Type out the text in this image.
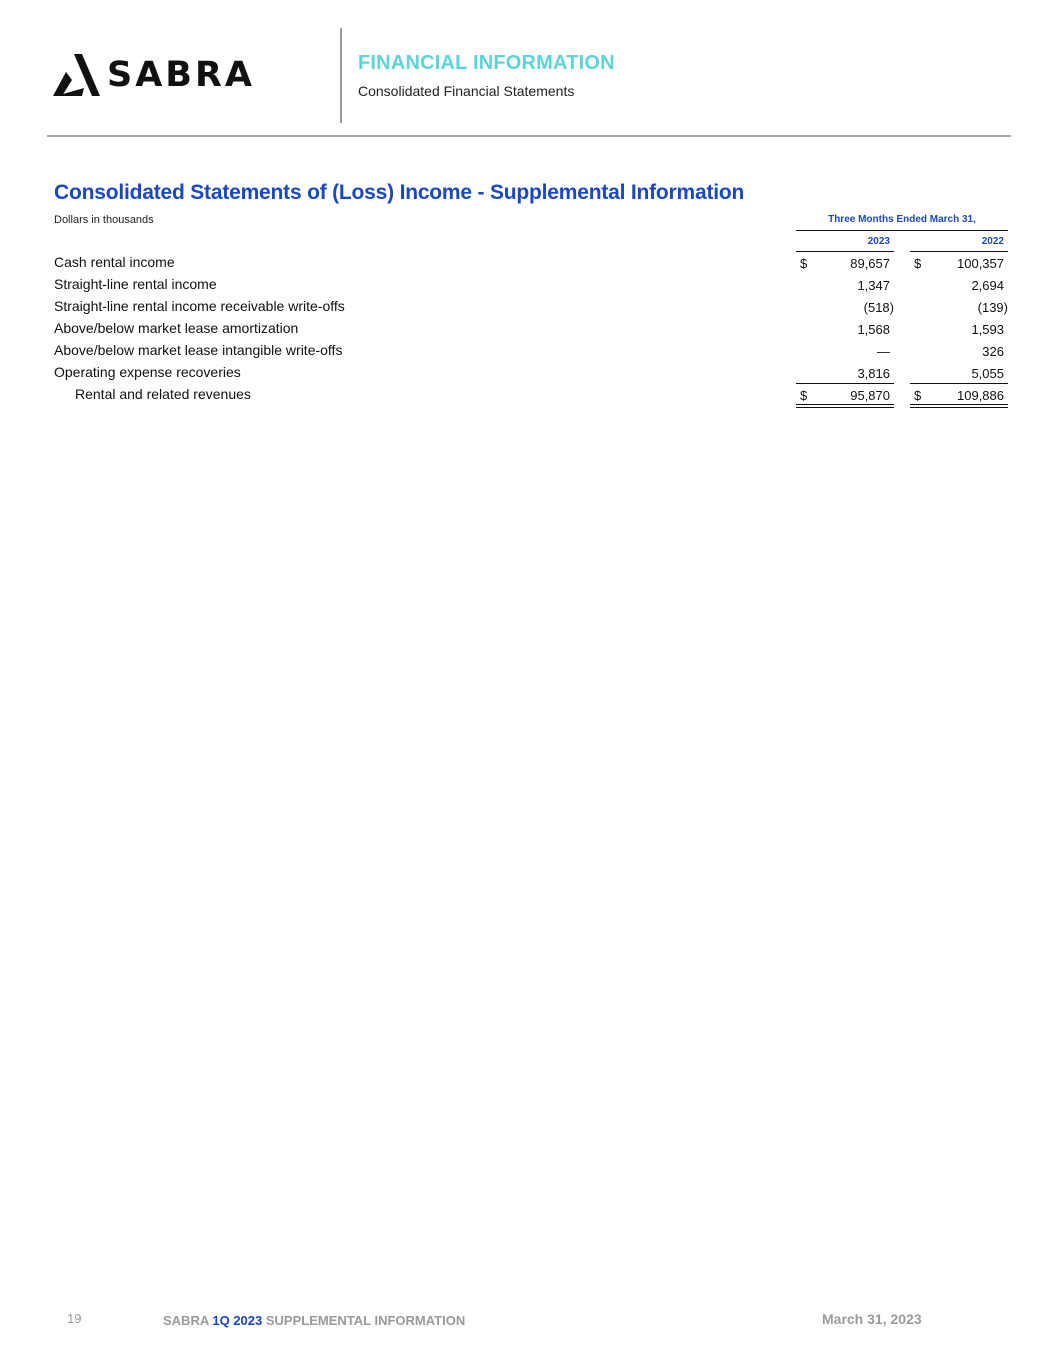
SABRA	FINANCIAL INFORMATION
Consolidated Financial Statements
Consolidated Statements of (Loss) Income - Supplemental Information
Dollars in thousands	Three Months Ended March 31,
2023	2022
Cash rental income	$	89,657 $	100,357
Straight-line rental income	1,347	2,694
Straight-line rental income receivable write-offs	(518)	(139)
Above/below market lease amortization	1,568	1,593
Above/below market lease intangible write-offs	—	326
Operating expense recoveries	3,816	5,055
Rental and related revenues	$	95,870 $	109,886
19	SABRA 1Q 2023 SUPPLEMENTAL INFORMATION	March 31, 2023
